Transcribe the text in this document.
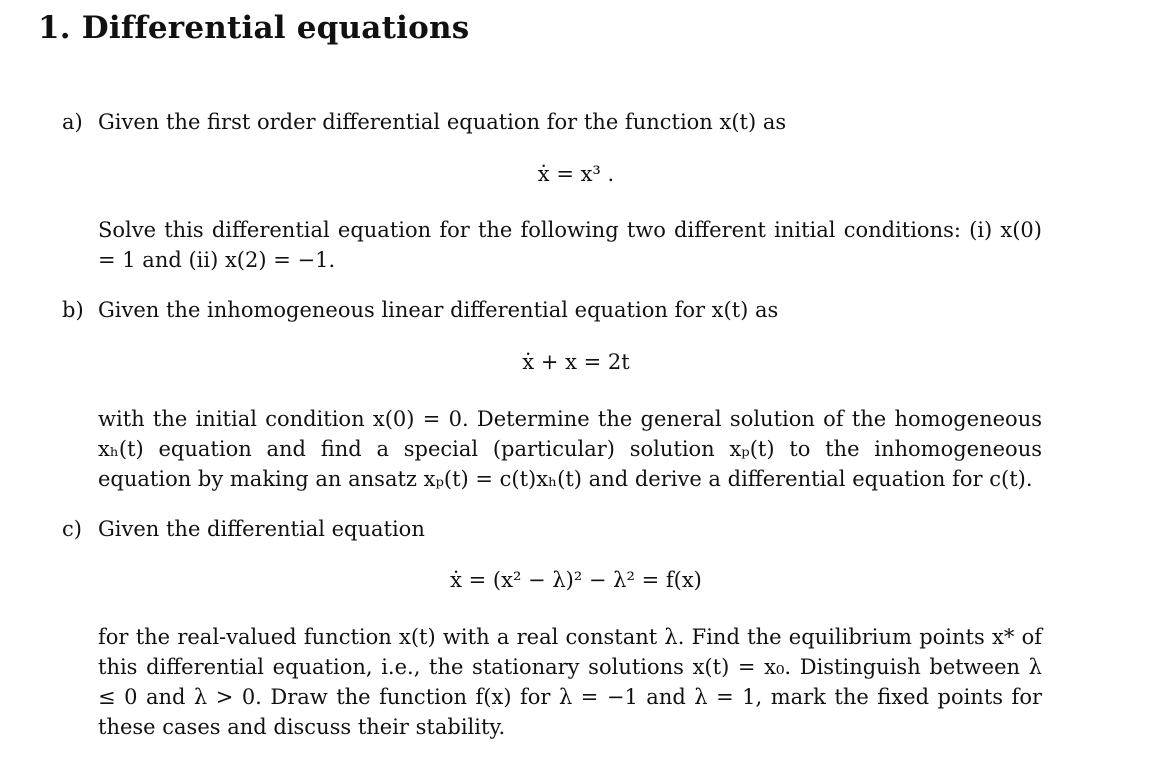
1. Differential equations
a) Given the first order differential equation for the function x(t) as
ẋ = x³ .
Solve this differential equation for the following two different initial conditions: (i) x(0) = 1 and (ii) x(2) = −1.
b) Given the inhomogeneous linear differential equation for x(t) as
ẋ + x = 2t
with the initial condition x(0) = 0. Determine the general solution of the homogeneous xₕ(t) equation and find a special (particular) solution xₚ(t) to the inhomogeneous equation by making an ansatz xₚ(t) = c(t)xₕ(t) and derive a differential equation for c(t).
c) Given the differential equation
ẋ = (x² − λ)² − λ² = f(x)
for the real-valued function x(t) with a real constant λ. Find the equilibrium points x* of this differential equation, i.e., the stationary solutions x(t) = x₀. Distinguish between λ ≤ 0 and λ > 0. Draw the function f(x) for λ = −1 and λ = 1, mark the fixed points for these cases and discuss their stability.
